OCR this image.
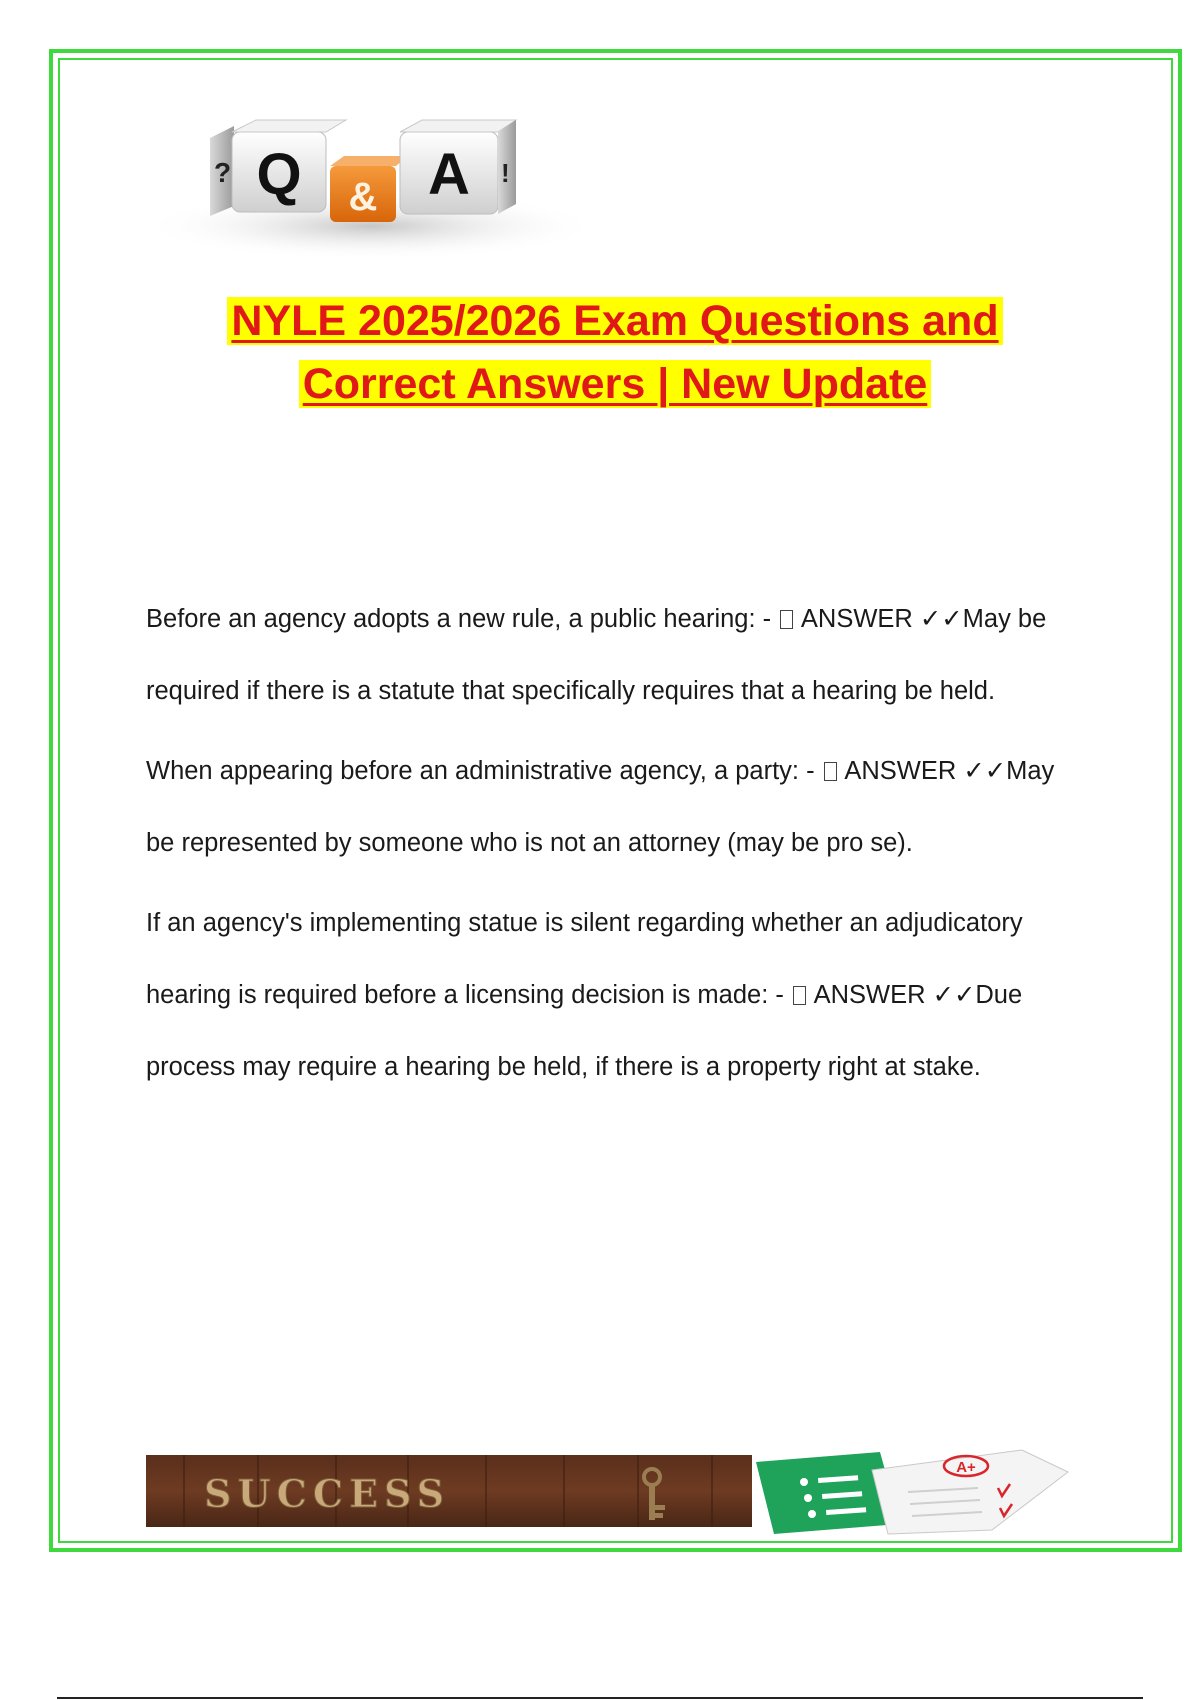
? Q & A !
NYLE 2025/2026 Exam Questions and
Correct Answers | New Update

Before an agency adopts a new rule, a public hearing: -  ANSWER ✓✓May be required if there is a statute that specifically requires that a hearing be held.

When appearing before an administrative agency, a party: -  ANSWER ✓✓May be represented by someone who is not an attorney (may be pro se).

If an agency's implementing statue is silent regarding whether an adjudicatory hearing is required before a licensing decision is made: -  ANSWER ✓✓Due process may require a hearing be held, if there is a property right at stake.

SUCCESS
A+
